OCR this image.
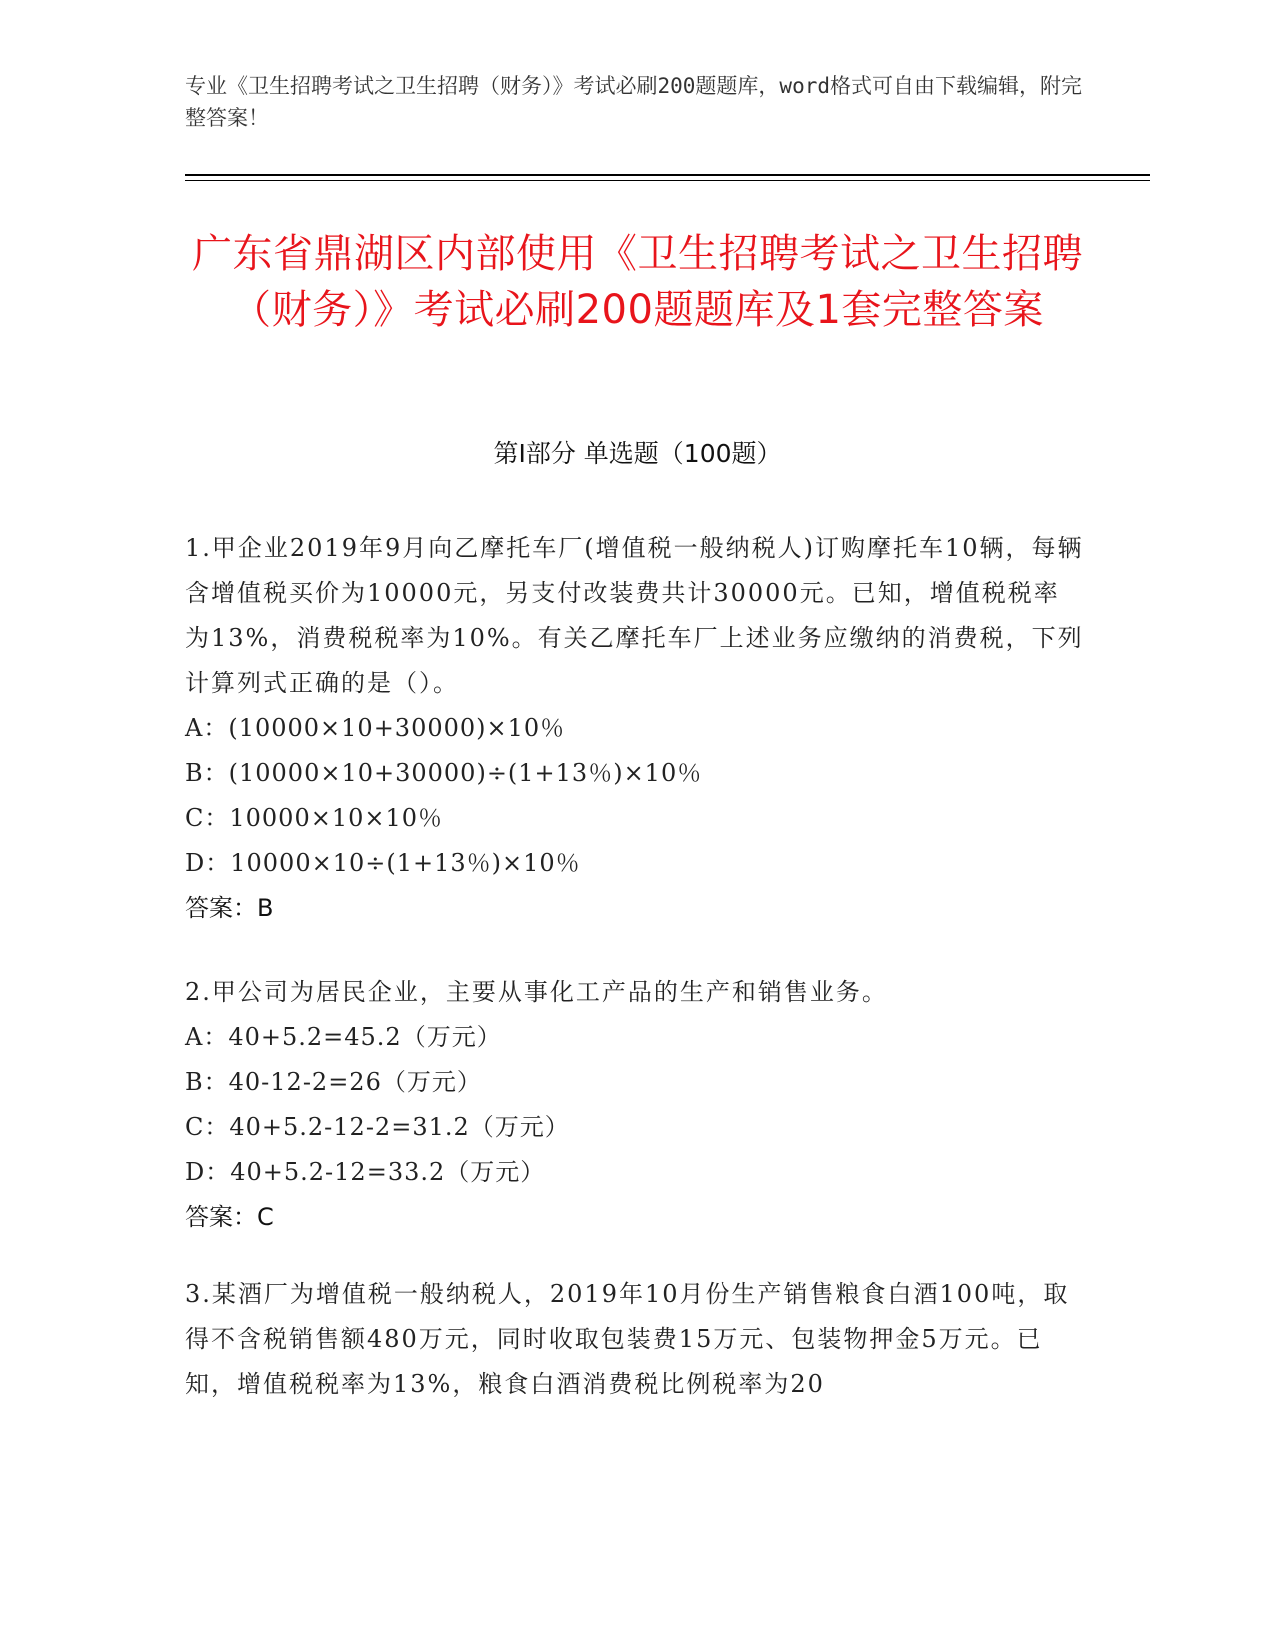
专业《卫生招聘考试之卫生招聘（财务）》考试必刷200题题库，word格式可自由下载编辑，附完整答案！
广东省鼎湖区内部使用《卫生招聘考试之卫生招聘（财务）》考试必刷200题题库及1套完整答案
第Ⅰ部分 单选题（100题）
1.甲企业2019年9月向乙摩托车厂(增值税一般纳税人)订购摩托车10辆，每辆含增值税买价为10000元，另支付改装费共计30000元。已知，增值税税率为13%，消费税税率为10%。有关乙摩托车厂上述业务应缴纳的消费税，下列计算列式正确的是（）。
A：(10000×10+30000)×10％
B：(10000×10+30000)÷(1+13％)×10％
C：10000×10×10％
D：10000×10÷(1+13％)×10％
答案：B
2.甲公司为居民企业，主要从事化工产品的生产和销售业务。
A：40+5.2=45.2（万元）
B：40-12-2=26（万元）
C：40+5.2-12-2=31.2（万元）
D：40+5.2-12=33.2（万元）
答案：C
3.某酒厂为增值税一般纳税人，2019年10月份生产销售粮食白酒100吨，取得不含税销售额480万元，同时收取包装费15万元、包装物押金5万元。已知，增值税税率为13%，粮食白酒消费税比例税率为20
